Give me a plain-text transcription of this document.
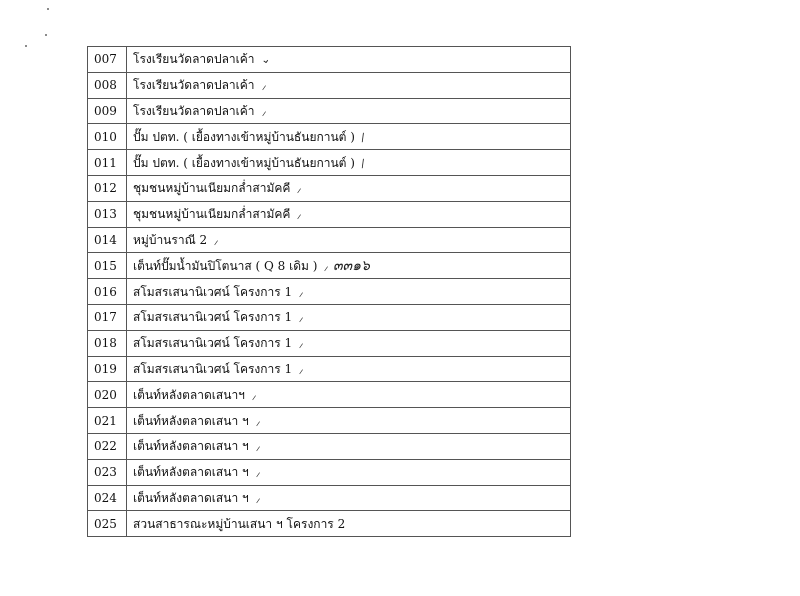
007	โรงเรียนวัดลาดปลาเค้า ⌄
008	โรงเรียนวัดลาดปลาเค้า ⸝
009	โรงเรียนวัดลาดปลาเค้า ⸝
010	ปั๊ม ปตท. ( เยื้องทางเข้าหมู่บ้านธันยกานต์ ) ∕
011	ปั๊ม ปตท. ( เยื้องทางเข้าหมู่บ้านธันยกานต์ ) ∕
012	ชุมชนหมู่บ้านเนียมกล่ำสามัคคี ⸝
013	ชุมชนหมู่บ้านเนียมกล่ำสามัคคี ⸝
014	หมู่บ้านราณี 2 ⸝
015	เต็นท์ปั๊มน้ำมันปิโตนาส ( Q 8 เดิม ) ⸝ ๓๓๑๖
016	สโมสรเสนานิเวศน์ โครงการ 1 ⸝
017	สโมสรเสนานิเวศน์ โครงการ 1 ⸝
018	สโมสรเสนานิเวศน์ โครงการ 1 ⸝
019	สโมสรเสนานิเวศน์ โครงการ 1 ⸝
020	เต็นท์หลังตลาดเสนาฯ ⸝
021	เต็นท์หลังตลาดเสนา ฯ ⸝
022	เต็นท์หลังตลาดเสนา ฯ ⸝
023	เต็นท์หลังตลาดเสนา ฯ ⸝
024	เต็นท์หลังตลาดเสนา ฯ ⸝
025	สวนสาธารณะหมู่บ้านเสนา ฯ โครงการ 2
